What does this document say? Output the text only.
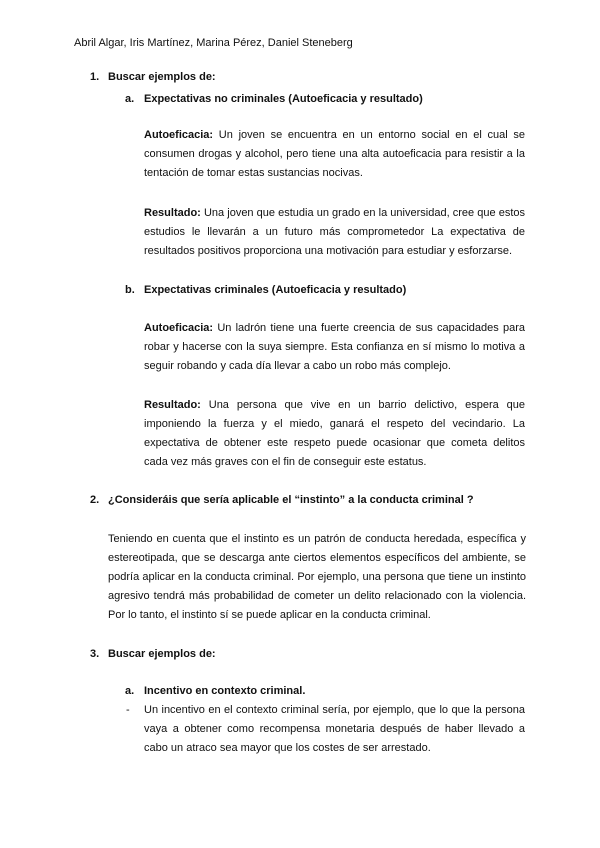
Abril Algar, Iris Martínez, Marina Pérez, Daniel Steneberg
1. Buscar ejemplos de:
a. Expectativas no criminales (Autoeficacia y resultado)
Autoeficacia: Un joven se encuentra en un entorno social en el cual se consumen drogas y alcohol, pero tiene una alta autoeficacia para resistir a la tentación de tomar estas sustancias nocivas.
Resultado: Una joven que estudia un grado en la universidad, cree que estos estudios le llevarán a un futuro más comprometedor La expectativa de resultados positivos proporciona una motivación para estudiar y esforzarse.
b. Expectativas criminales (Autoeficacia y resultado)
Autoeficacia: Un ladrón tiene una fuerte creencia de sus capacidades para robar y hacerse con la suya siempre. Esta confianza en sí mismo lo motiva a seguir robando y cada día llevar a cabo un robo más complejo.
Resultado: Una persona que vive en un barrio delictivo, espera que imponiendo la fuerza y el miedo, ganará el respeto del vecindario. La expectativa de obtener este respeto puede ocasionar que cometa delitos cada vez más graves con el fin de conseguir este estatus.
2. ¿Consideráis que sería aplicable el “instinto” a la conducta criminal ?
Teniendo en cuenta que el instinto es un patrón de conducta heredada, específica y estereotipada, que se descarga ante ciertos elementos específicos del ambiente, se podría aplicar en la conducta criminal. Por ejemplo, una persona que tiene un instinto agresivo tendrá más probabilidad de cometer un delito relacionado con la violencia. Por lo tanto, el instinto sí se puede aplicar en la conducta criminal.
3. Buscar ejemplos de:
a. Incentivo en contexto criminal.
- Un incentivo en el contexto criminal sería, por ejemplo, que lo que la persona vaya a obtener como recompensa monetaria después de haber llevado a cabo un atraco sea mayor que los costes de ser arrestado.
